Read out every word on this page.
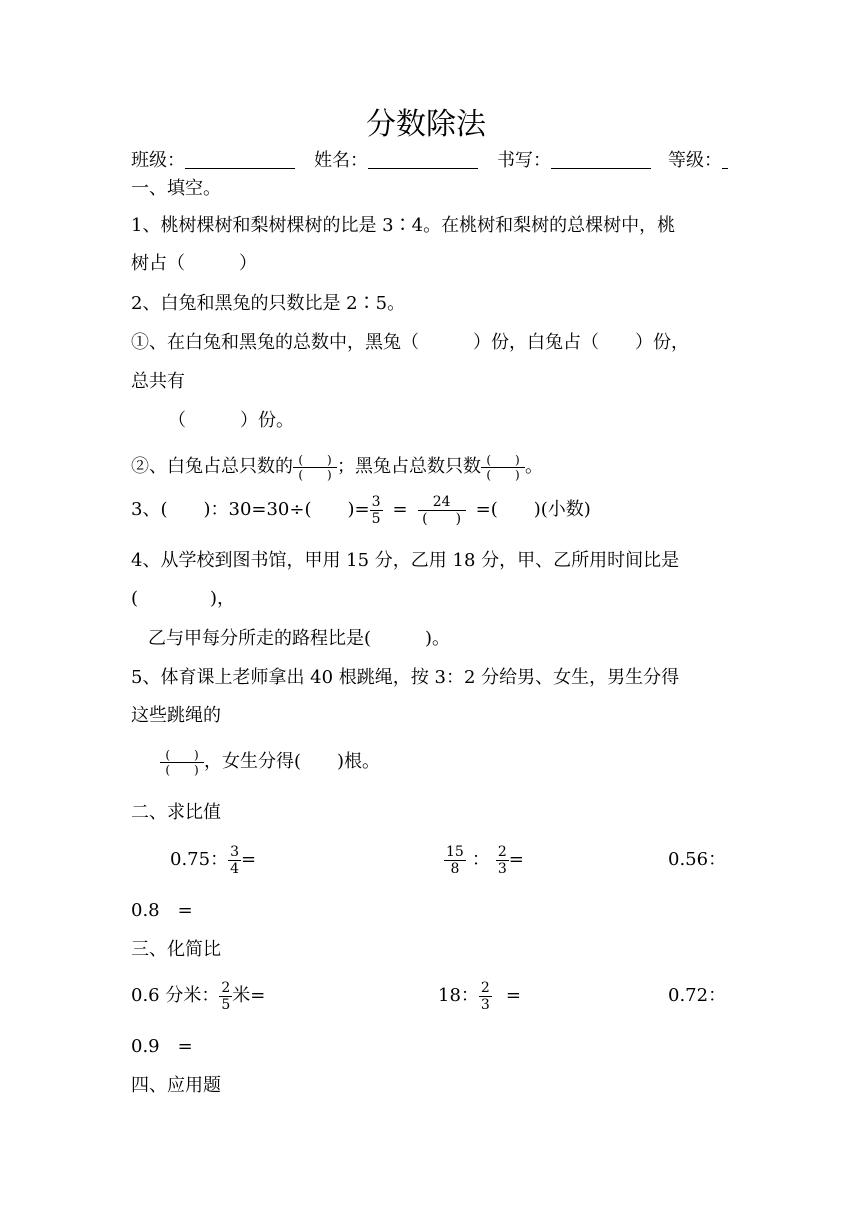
分数除法
班级：	姓名：	书写：	等级：
一、填空。
1、桃树棵树和梨树棵树的比是 3∶4。在桃树和梨树的总棵树中，桃
树占（　　　）
2、白兔和黑兔的只数比是 2∶5。
①、在白兔和黑兔的总数中，黑兔（　　　）份，白兔占（　　）份，
总共有
（　　　）份。
②、白兔占总只数的 $\frac{( )}{( )}$ ；黑兔占总数只数 $\frac{( )}{( )}$ 。
3、(　　)：30=30÷(　　)= $\frac{3}{5} = \frac{24}{( )}$ =(　　)(小数)
4、从学校到图书馆，甲用 15 分，乙用 18 分，甲、乙所用时间比是
(　　　　)，
乙与甲每分所走的路程比是(　　　)。
5、体育课上老师拿出 40 根跳绳，按 3：2 分给男、女生，男生分得
这些跳绳的
$\frac{( )}{( )}$ ，女生分得(　　)根。
二、求比值
0.75： $\frac{3}{4}$ =	$\frac{15}{8}$ ： $\frac{2}{3}$ =	0.56：
0.8　=　
三、化简比
0.6 分米： $\frac{2}{5}$ 米=	18： $\frac{2}{3}$ =	0.72：
0.9　=　
四、应用题
